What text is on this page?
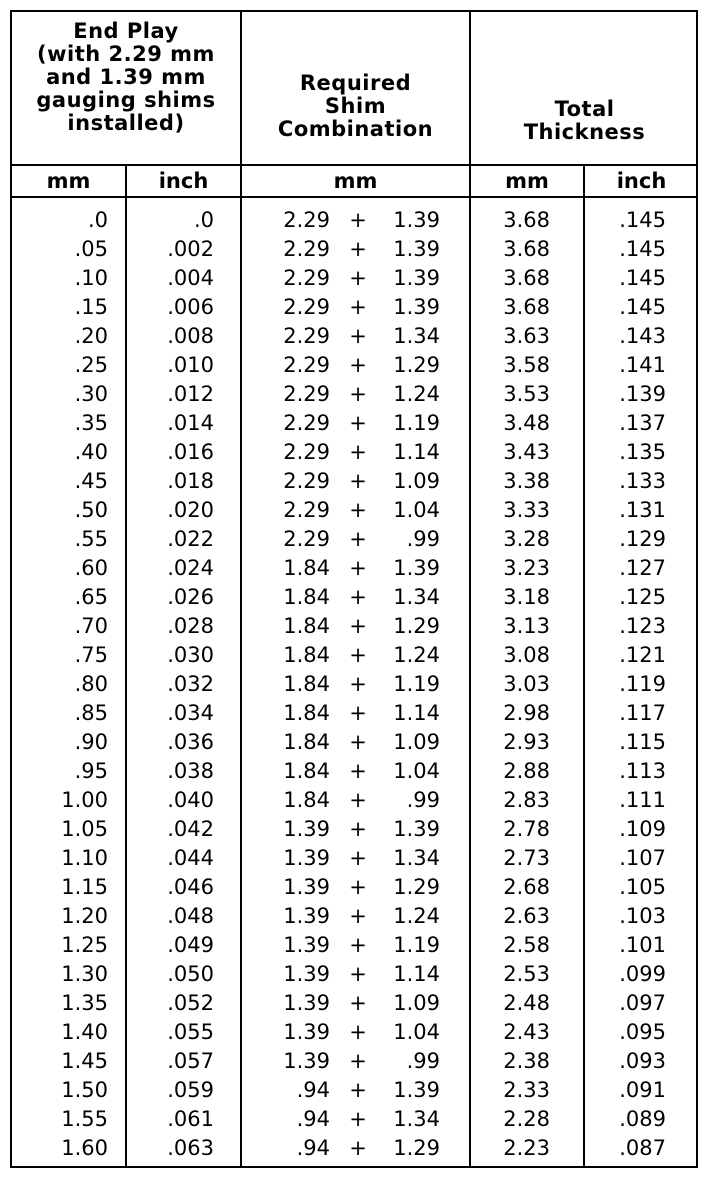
End Play
(with 2.29 mm
and 1.39 mm
gauging shims
installed)
Required
Shim
Combination
Total
Thickness
mm	inch	mm	mm	inch
.0	.0	2.29 +	1.39	3.68	.145
.05	.002	2.29 +	1.39	3.68	.145
.10	.004	2.29 +	1.39	3.68	.145
.15	.006	2.29 +	1.39	3.68	.145
.20	.008	2.29 +	1.34	3.63	.143
.25	.010	2.29 +	1.29	3.58	.141
.30	.012	2.29 +	1.24	3.53	.139
.35	.014	2.29 +	1.19	3.48	.137
.40	.016	2.29 +	1.14	3.43	.135
.45	.018	2.29 +	1.09	3.38	.133
.50	.020	2.29 +	1.04	3.33	.131
.55	.022	2.29 +	.99	3.28	.129
.60	.024	1.84 +	1.39	3.23	.127
.65	.026	1.84 +	1.34	3.18	.125
.70	.028	1.84 +	1.29	3.13	.123
.75	.030	1.84 +	1.24	3.08	.121
.80	.032	1.84 +	1.19	3.03	.119
.85	.034	1.84 +	1.14	2.98	.117
.90	.036	1.84 +	1.09	2.93	.115
.95	.038	1.84 +	1.04	2.88	.113
1.00	.040	1.84 +	.99	2.83	.111
1.05	.042	1.39 +	1.39	2.78	.109
1.10	.044	1.39 +	1.34	2.73	.107
1.15	.046	1.39 +	1.29	2.68	.105
1.20	.048	1.39 +	1.24	2.63	.103
1.25	.049	1.39 +	1.19	2.58	.101
1.30	.050	1.39 +	1.14	2.53	.099
1.35	.052	1.39 +	1.09	2.48	.097
1.40	.055	1.39 +	1.04	2.43	.095
1.45	.057	1.39 +	.99	2.38	.093
1.50	.059	.94 +	1.39	2.33	.091
1.55	.061	.94 +	1.34	2.28	.089
1.60	.063	.94 +	1.29	2.23	.087
